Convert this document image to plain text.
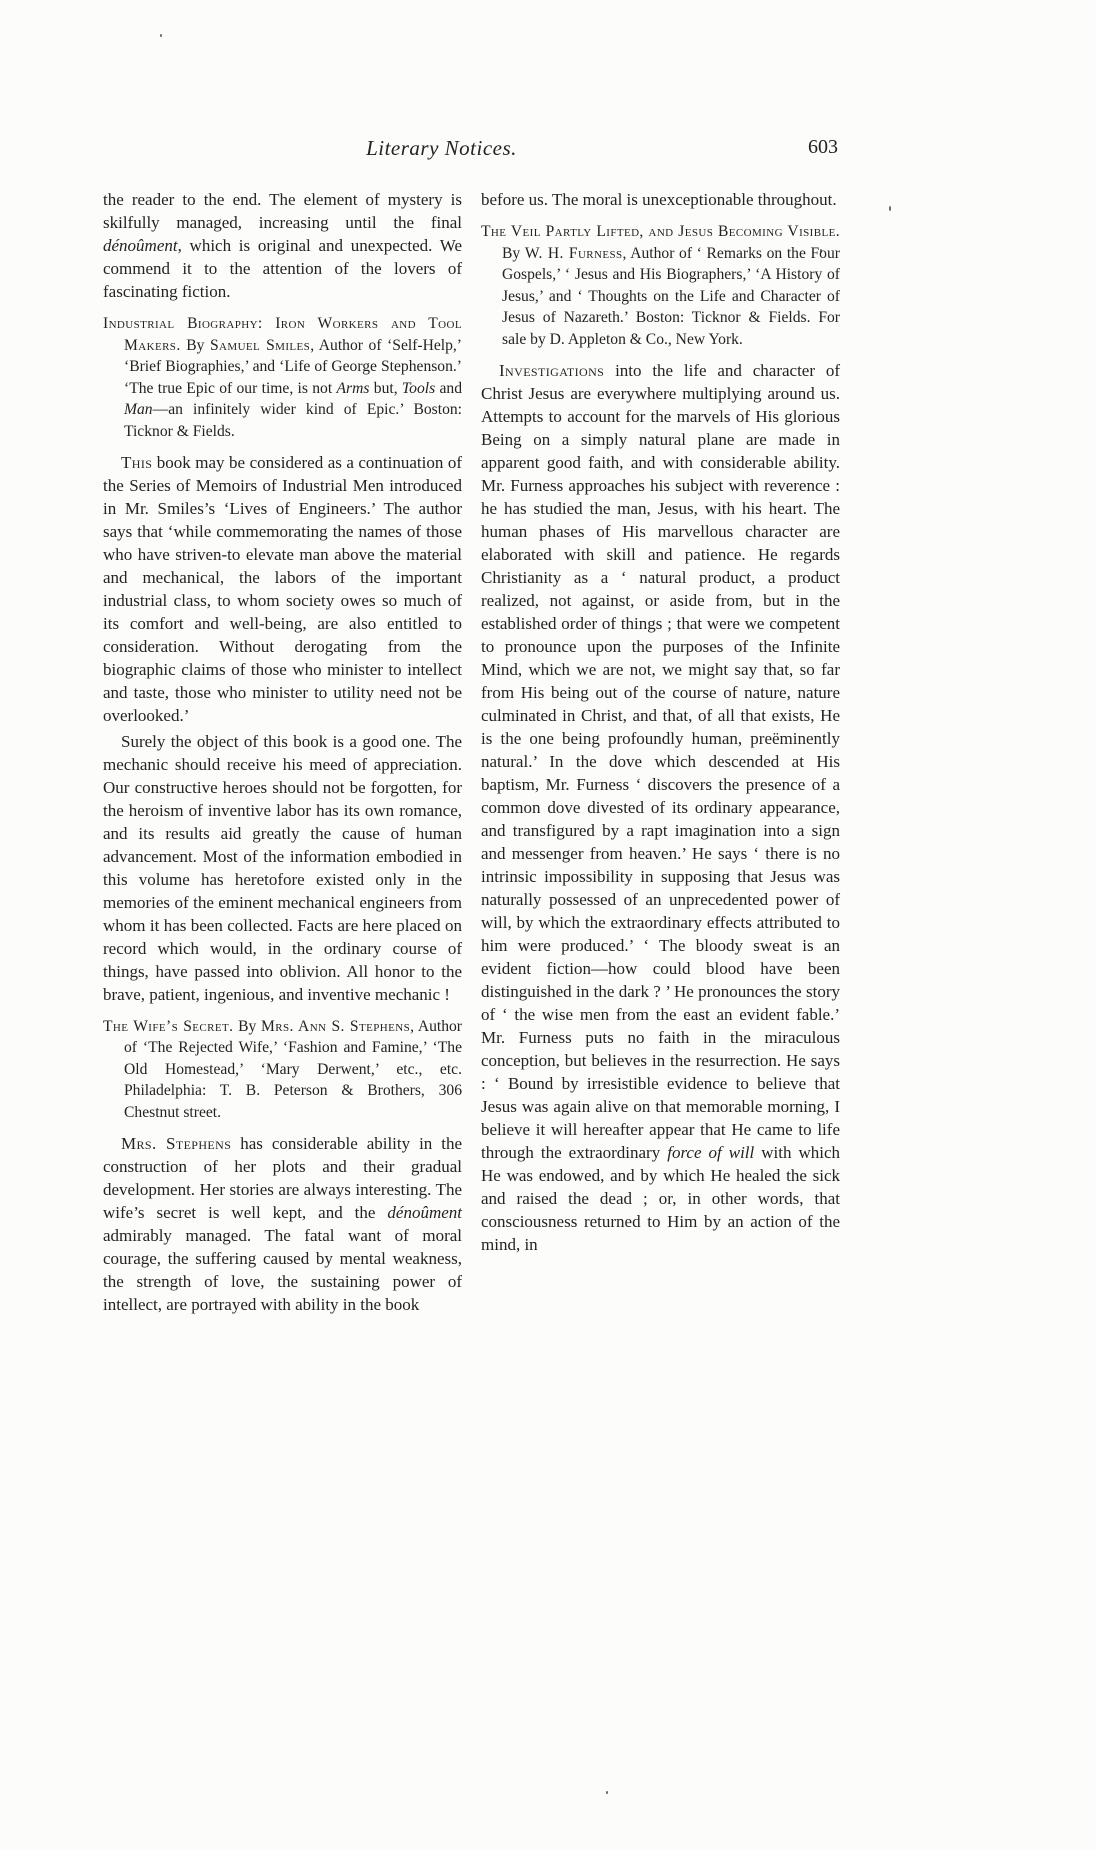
Literary Notices.	603

the reader to the end. The element of mystery is skilfully managed, increasing until the final dénoûment, which is original and unexpected. We commend it to the attention of the lovers of fascinating fiction.

Industrial Biography: Iron Workers and Tool Makers. By Samuel Smiles, Author of ‘Self-Help,’ ‘Brief Biographies,’ and ‘Life of George Stephenson.’ ‘The true Epic of our time, is not Arms but, Tools and Man—an infinitely wider kind of Epic.’ Boston: Ticknor & Fields.

This book may be considered as a continuation of the Series of Memoirs of Industrial Men introduced in Mr. Smiles’s ‘Lives of Engineers.’ The author says that ‘while commemorating the names of those who have striven-to elevate man above the material and mechanical, the labors of the important industrial class, to whom society owes so much of its comfort and well-being, are also entitled to consideration. Without derogating from the biographic claims of those who minister to intellect and taste, those who minister to utility need not be overlooked.’

Surely the object of this book is a good one. The mechanic should receive his meed of appreciation. Our constructive heroes should not be forgotten, for the heroism of inventive labor has its own romance, and its results aid greatly the cause of human advancement. Most of the information embodied in this volume has heretofore existed only in the memories of the eminent mechanical engineers from whom it has been collected. Facts are here placed on record which would, in the ordinary course of things, have passed into oblivion. All honor to the brave, patient, ingenious, and inventive mechanic !

The Wife’s Secret. By Mrs. Ann S. Stephens, Author of ‘The Rejected Wife,’ ‘Fashion and Famine,’ ‘The Old Homestead,’ ‘Mary Derwent,’ etc., etc. Philadelphia: T. B. Peterson & Brothers, 306 Chestnut street.

Mrs. Stephens has considerable ability in the construction of her plots and their gradual development. Her stories are always interesting. The wife’s secret is well kept, and the dénoûment admirably managed. The fatal want of moral courage, the suffering caused by mental weakness, the strength of love, the sustaining power of intellect, are portrayed with ability in the book

before us. The moral is unexceptionable throughout.

The Veil Partly Lifted, and Jesus Becoming Visible. By W. H. Furness, Author of ‘ Remarks on the Four Gospels,’ ‘ Jesus and His Biographers,’ ‘A History of Jesus,’ and ‘ Thoughts on the Life and Character of Jesus of Nazareth.’ Boston: Ticknor & Fields. For sale by D. Appleton & Co., New York.

Investigations into the life and character of Christ Jesus are everywhere multiplying around us. Attempts to account for the marvels of His glorious Being on a simply natural plane are made in apparent good faith, and with considerable ability. Mr. Furness approaches his subject with reverence : he has studied the man, Jesus, with his heart. The human phases of His marvellous character are elaborated with skill and patience. He regards Christianity as a ‘ natural product, a product realized, not against, or aside from, but in the established order of things ; that were we competent to pronounce upon the purposes of the Infinite Mind, which we are not, we might say that, so far from His being out of the course of nature, nature culminated in Christ, and that, of all that exists, He is the one being profoundly human, preëminently natural.’ In the dove which descended at His baptism, Mr. Furness ‘ discovers the presence of a common dove divested of its ordinary appearance, and transfigured by a rapt imagination into a sign and messenger from heaven.’ He says ‘ there is no intrinsic impossibility in supposing that Jesus was naturally possessed of an unprecedented power of will, by which the extraordinary effects attributed to him were produced.’ ‘ The bloody sweat is an evident fiction—how could blood have been distinguished in the dark ? ’ He pronounces the story of ‘ the wise men from the east an evident fable.’ Mr. Furness puts no faith in the miraculous conception, but believes in the resurrection. He says : ‘ Bound by irresistible evidence to believe that Jesus was again alive on that memorable morning, I believe it will hereafter appear that He came to life through the extraordinary force of will with which He was endowed, and by which He healed the sick and raised the dead ; or, in other words, that consciousness returned to Him by an action of the mind, in
